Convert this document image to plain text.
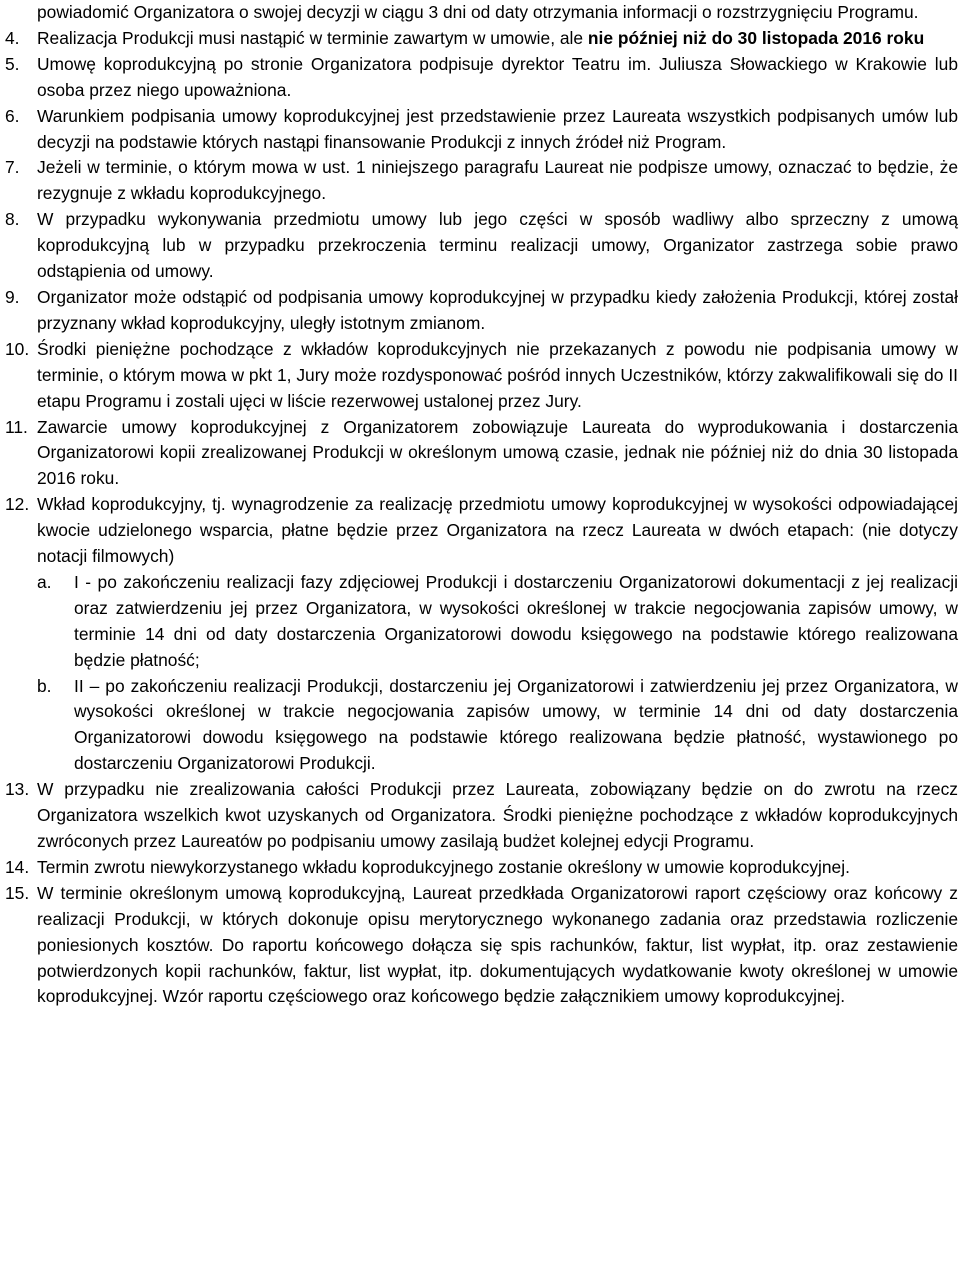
powiadomić Organizatora o swojej decyzji w ciągu 3 dni od daty otrzymania informacji o rozstrzygnięciu Programu.
4.	Realizacja Produkcji musi nastąpić w terminie zawartym w umowie, ale nie później niż do 30 listopada 2016 roku
5.	Umowę koprodukcyjną po stronie Organizatora podpisuje dyrektor Teatru im. Juliusza Słowackiego w Krakowie lub osoba przez niego upoważniona.
6.	Warunkiem podpisania umowy koprodukcyjnej jest przedstawienie przez Laureata wszystkich podpisanych umów lub decyzji na podstawie których nastąpi finansowanie Produkcji z innych źródeł niż Program.
7.	Jeżeli w terminie, o którym mowa w ust. 1 niniejszego paragrafu Laureat nie podpisze umowy, oznaczać to będzie, że rezygnuje z wkładu koprodukcyjnego.
8.	W przypadku wykonywania przedmiotu umowy lub jego części w sposób wadliwy albo sprzeczny z umową koprodukcyjną lub w przypadku przekroczenia terminu realizacji umowy, Organizator zastrzega sobie prawo odstąpienia od umowy.
9.	Organizator może odstąpić od podpisania umowy koprodukcyjnej w przypadku kiedy założenia Produkcji, której został przyznany wkład koprodukcyjny, uległy istotnym zmianom.
10. Środki pieniężne pochodzące z wkładów koprodukcyjnych nie przekazanych z powodu nie podpisania umowy w terminie, o którym mowa w pkt 1, Jury może rozdysponować pośród innych Uczestników, którzy zakwalifikowali się do II etapu Programu i zostali ujęci w liście rezerwowej ustalonej przez Jury.
11. Zawarcie umowy koprodukcyjnej z Organizatorem zobowiązuje Laureata do wyprodukowania i dostarczenia Organizatorowi kopii zrealizowanej Produkcji w określonym umową czasie, jednak nie później niż do dnia 30 listopada 2016 roku.
12. Wkład koprodukcyjny, tj. wynagrodzenie za realizację przedmiotu umowy koprodukcyjnej w wysokości odpowiadającej kwocie udzielonego wsparcia, płatne będzie przez Organizatora na rzecz Laureata w dwóch etapach: (nie dotyczy notacji filmowych)
a.	I - po zakończeniu realizacji fazy zdjęciowej Produkcji i dostarczeniu Organizatorowi dokumentacji z jej realizacji oraz zatwierdzeniu jej przez Organizatora, w wysokości określonej w trakcie negocjowania zapisów umowy, w terminie 14 dni od daty dostarczenia Organizatorowi dowodu księgowego na podstawie którego realizowana będzie płatność;
b.	II – po zakończeniu realizacji Produkcji, dostarczeniu jej Organizatorowi i zatwierdzeniu jej przez Organizatora, w wysokości określonej w trakcie negocjowania zapisów umowy, w terminie 14 dni od daty dostarczenia Organizatorowi dowodu księgowego na podstawie którego realizowana będzie płatność, wystawionego po dostarczeniu Organizatorowi Produkcji.
13. W przypadku nie zrealizowania całości Produkcji przez Laureata, zobowiązany będzie on do zwrotu na rzecz Organizatora wszelkich kwot uzyskanych od Organizatora. Środki pieniężne pochodzące z wkładów koprodukcyjnych zwróconych przez Laureatów po podpisaniu umowy zasilają budżet kolejnej edycji Programu.
14. Termin zwrotu niewykorzystanego wkładu koprodukcyjnego zostanie określony w umowie koprodukcyjnej.
15. W terminie określonym umową koprodukcyjną, Laureat przedkłada Organizatorowi raport częściowy oraz końcowy z realizacji Produkcji, w których dokonuje opisu merytorycznego wykonanego zadania oraz przedstawia rozliczenie poniesionych kosztów. Do raportu końcowego dołącza się spis rachunków, faktur, list wypłat, itp. oraz zestawienie potwierdzonych kopii rachunków, faktur, list wypłat, itp. dokumentujących wydatkowanie kwoty określonej w umowie koprodukcyjnej. Wzór raportu częściowego oraz końcowego będzie załącznikiem umowy koprodukcyjnej.
